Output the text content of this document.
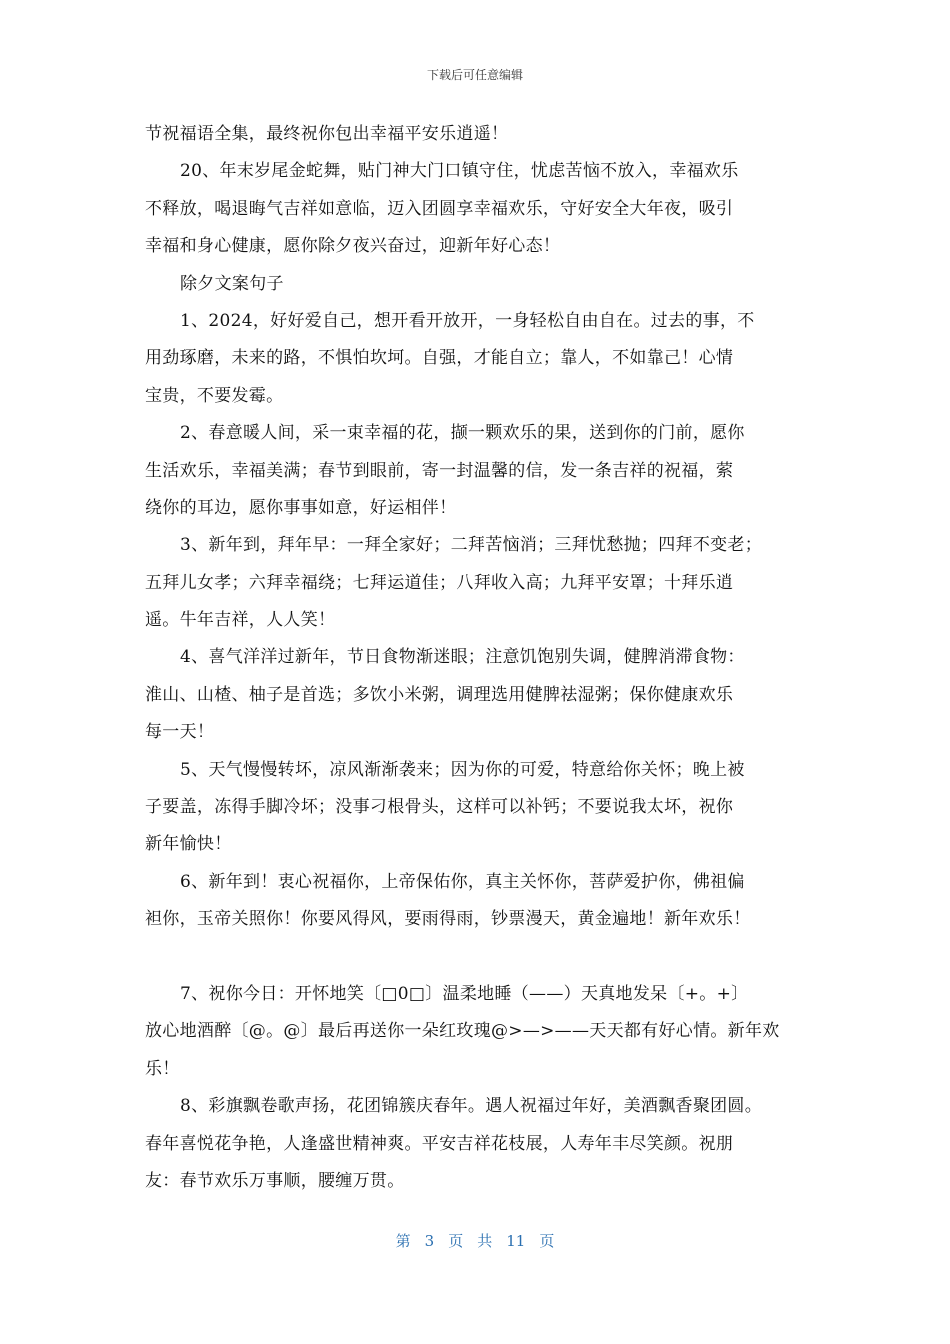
下载后可任意编辑
节祝福语全集，最终祝你包出幸福平安乐逍遥！
20、年末岁尾金蛇舞，贴门神大门口镇守住，忧虑苦恼不放入，幸福欢乐
不释放，喝退晦气吉祥如意临，迈入团圆享幸福欢乐，守好安全大年夜，吸引
幸福和身心健康，愿你除夕夜兴奋过，迎新年好心态！
除夕文案句子
1、2024，好好爱自己，想开看开放开，一身轻松自由自在。过去的事，不
用劲琢磨，未来的路，不惧怕坎坷。自强，才能自立；靠人，不如靠己！心情
宝贵，不要发霉。
2、春意暖人间，采一束幸福的花，撷一颗欢乐的果，送到你的门前，愿你
生活欢乐，幸福美满；春节到眼前，寄一封温馨的信，发一条吉祥的祝福，萦
绕你的耳边，愿你事事如意，好运相伴！
3、新年到，拜年早：一拜全家好；二拜苦恼消；三拜忧愁抛；四拜不变老；
五拜儿女孝；六拜幸福绕；七拜运道佳；八拜收入高；九拜平安罩；十拜乐逍
遥。牛年吉祥，人人笑！
4、喜气洋洋过新年，节日食物渐迷眼；注意饥饱别失调，健脾消滞食物：
淮山、山楂、柚子是首选；多饮小米粥，调理选用健脾祛湿粥；保你健康欢乐
每一天！
5、天气慢慢转坏，凉风渐渐袭来；因为你的可爱，特意给你关怀；晚上被
子要盖，冻得手脚冷坏；没事刁根骨头，这样可以补钙；不要说我太坏，祝你
新年愉快！
6、新年到！衷心祝福你，上帝保佑你，真主关怀你，菩萨爱护你，佛祖偏
袒你，玉帝关照你！你要风得风，要雨得雨，钞票漫天，黄金遍地！新年欢乐！
7、祝你今日：开怀地笑〔□0□〕温柔地睡（——）天真地发呆〔+。+〕
放心地酒醉〔@。@〕最后再送你一朵红玫瑰@>—>——天天都有好心情。新年欢
乐！
8、彩旗飘卷歌声扬，花团锦簇庆春年。遇人祝福过年好，美酒飘香聚团圆。
春年喜悦花争艳，人逢盛世精神爽。平安吉祥花枝展，人寿年丰尽笑颜。祝朋
友：春节欢乐万事顺，腰缠万贯。
第 3 页 共 11 页
